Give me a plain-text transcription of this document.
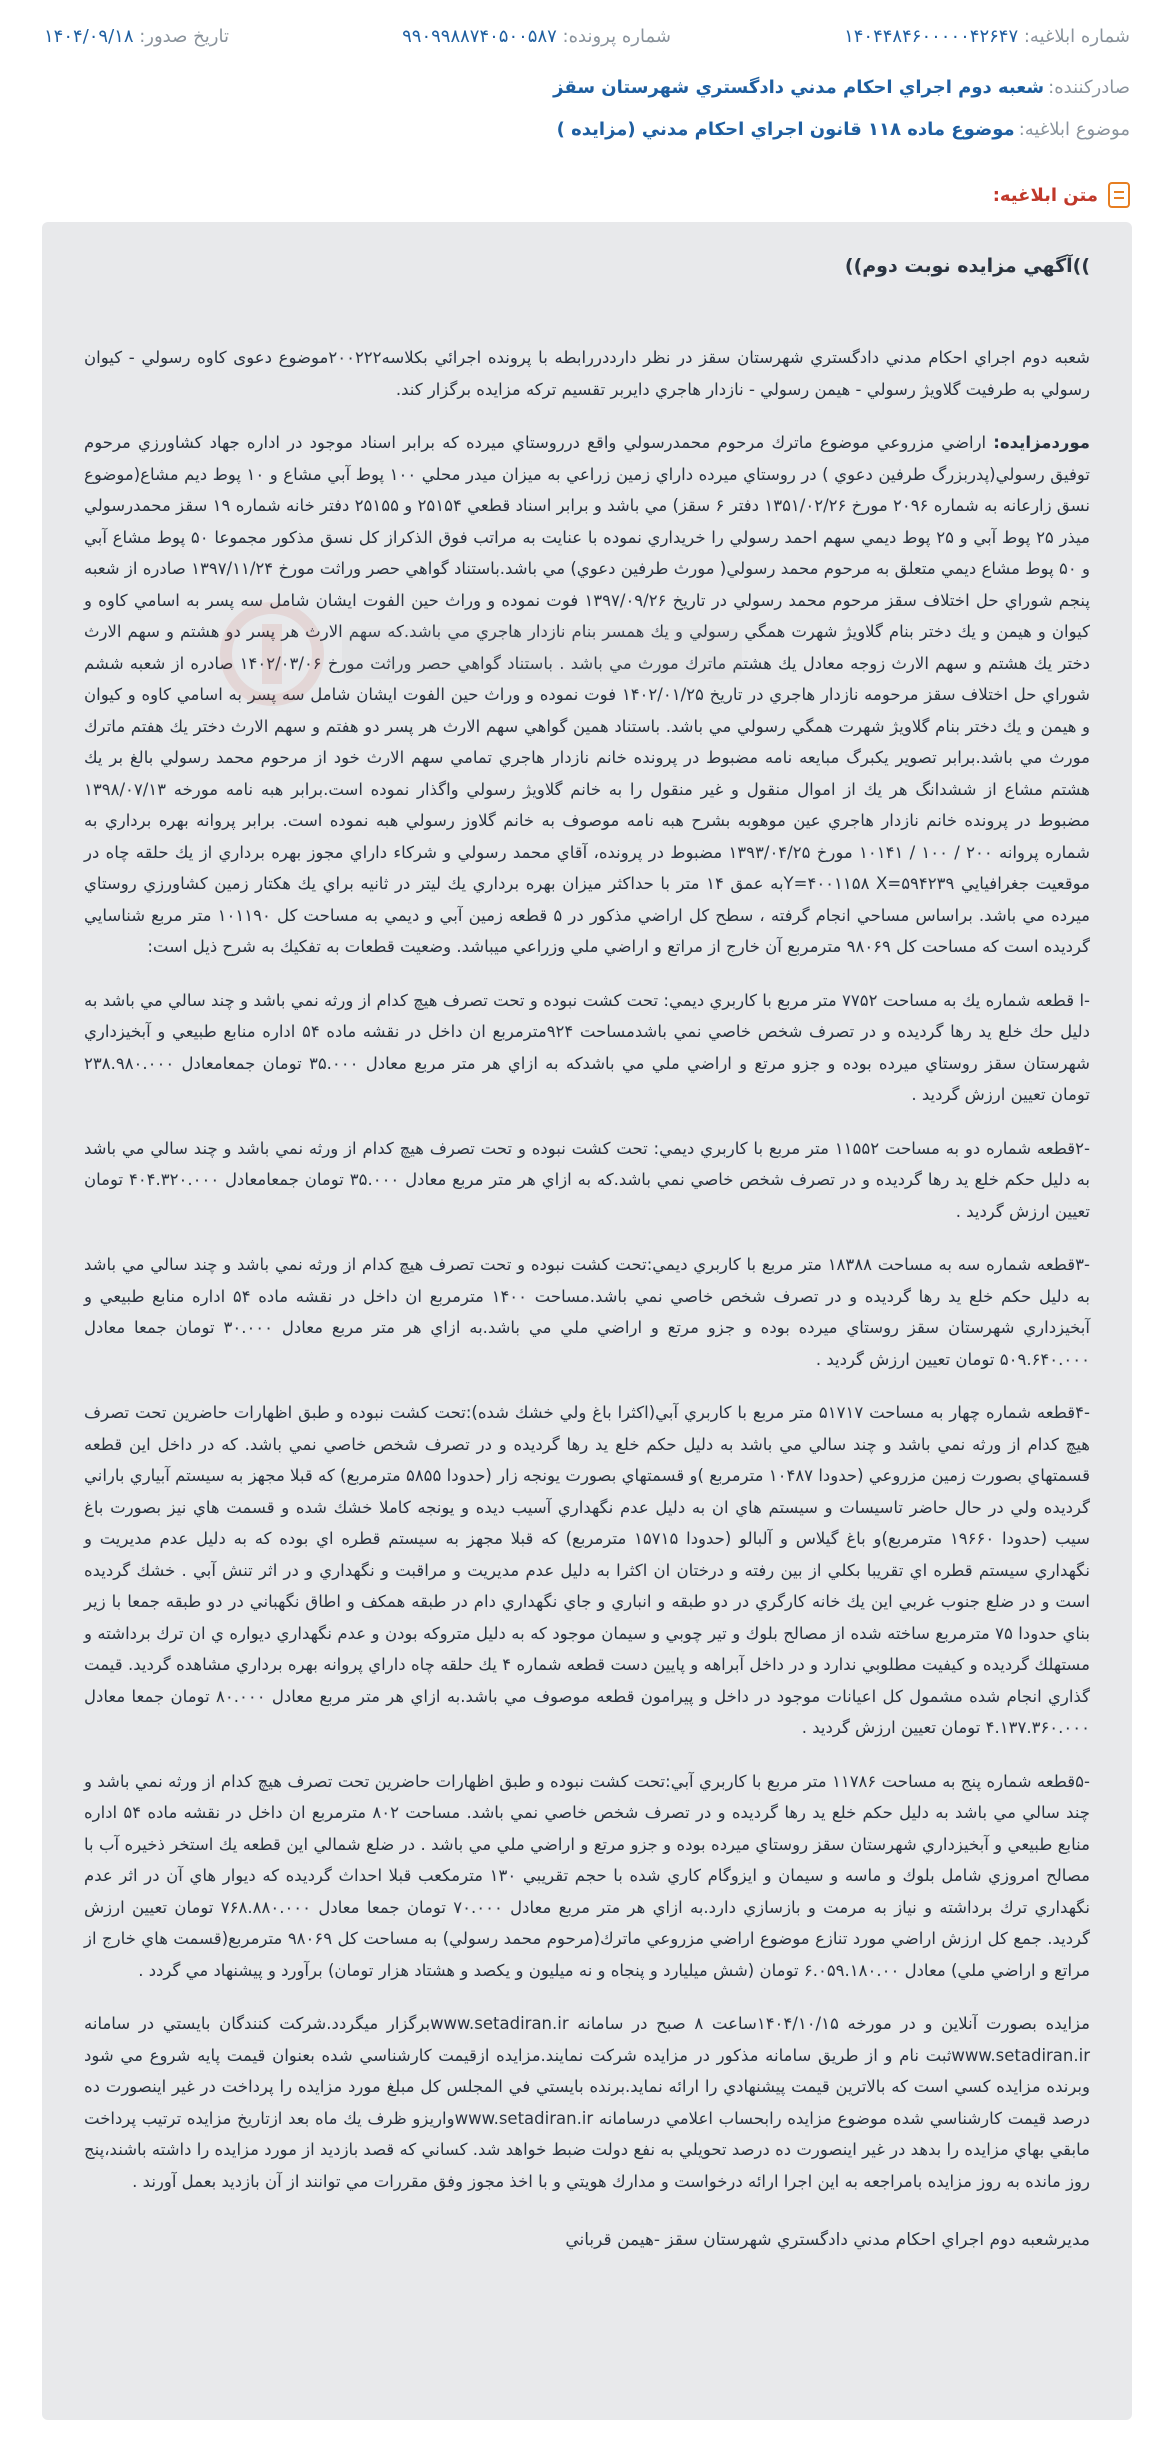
شماره ابلاغیه: ۱۴۰۴۴۸۴۶۰۰۰۰۰۴۲۶۴۷
شماره پرونده: ۹۹۰۹۹۸۸۷۴۰۵۰۰۵۸۷
تاریخ صدور: ۱۴۰۴/۰۹/۱۸
صادرکننده:
شعبه دوم اجراي احكام مدني دادگستري شهرستان سقز
موضوع ابلاغیه:
موضوع ماده ۱۱۸ قانون اجراي احكام مدني (مزايده )
متن ابلاغیه:
))آگهي مزايده نوبت دوم))

شعبه دوم اجراي احكام مدني دادگستري شهرستان سقز در نظر دارددررابطه با پرونده اجرائي بكلاسه۲۰۰۲۲۲موضوع دعوی کاوه رسولي - كيوان رسولي به طرفيت گلاويژ رسولي - هيمن رسولي - نازدار هاجري دايربر تقسيم تركه مزايده برگزار كند.

موردمزايده: اراضي مزروعي موضوع ماترك مرحوم محمدرسولي واقع درروستاي ميرده كه برابر اسناد موجود در اداره جهاد كشاورزي مرحوم توفيق رسولي(پدربزرگ طرفين دعوي ) در روستاي ميرده داراي زمين زراعي به ميزان ميدر محلي ۱۰۰ پوط آبي مشاع و ۱۰ پوط ديم مشاع(موضوع نسق زارعانه به شماره ۲۰۹۶ مورخ ۱۳۵۱/۰۲/۲۶ دفتر ۶ سقز) مي باشد و برابر اسناد قطعي ۲۵۱۵۴ و ۲۵۱۵۵ دفتر خانه شماره ۱۹ سقز محمدرسولي ميذر ۲۵ پوط آبي و ۲۵ پوط ديمي سهم احمد رسولي را خريداري نموده با عنايت به مراتب فوق الذكراز كل نسق مذكور مجموعا ۵۰ پوط مشاع آبي و ۵۰ پوط مشاع ديمي متعلق به مرحوم محمد رسولي( مورث طرفين دعوي) مي باشد.باستناد گواهي حصر وراثت مورخ ۱۳۹۷/۱۱/۲۴ صادره از شعبه پنجم شوراي حل اختلاف سقز مرحوم محمد رسولي در تاريخ ۱۳۹۷/۰۹/۲۶ فوت نموده و وراث حين الفوت ايشان شامل سه پسر به اسامي كاوه و كيوان و هيمن و يك دختر بنام گلاويژ شهرت همگي رسولي و يك همسر بنام نازدار هاجري مي باشد.كه سهم الارث هر پسر دو هشتم و سهم الارث دختر يك هشتم و سهم الارث زوجه معادل يك هشتم ماترك مورث مي باشد . باستناد گواهي حصر وراثت مورخ ۱۴۰۲/۰۳/۰۶ صادره از شعبه ششم شوراي حل اختلاف سقز مرحومه نازدار هاجري در تاريخ ۱۴۰۲/۰۱/۲۵ فوت نموده و وراث حين الفوت ايشان شامل سه پسر به اسامي كاوه و كيوان و هيمن و يك دختر بنام گلاويژ شهرت همگي رسولي مي باشد. باستناد همين گواهي سهم الارث هر پسر دو هفتم و سهم الارث دختر يك هفتم ماترك مورث مي باشد.برابر تصوير يكبرگ مبايعه نامه مضبوط در پرونده خانم نازدار هاجري تمامي سهم الارث خود از مرحوم محمد رسولي بالغ بر يك هشتم مشاع از ششدانگ هر يك از اموال منقول و غير منقول را به خانم گلاويژ رسولي واگذار نموده است.برابر هبه نامه مورخه ۱۳۹۸/۰۷/۱۳ مضبوط در پرونده خانم نازدار هاجري عين موهوبه بشرح هبه نامه موصوف به خانم گلاوز رسولي هبه نموده است. برابر پروانه بهره برداري به شماره پروانه ۲۰۰ / ۱۰۰ / ۱۰۱۴۱ مورخ ۱۳۹۳/۰۴/۲۵ مضبوط در پرونده، آقاي محمد رسولي و شركاء داراي مجوز بهره برداري از يك حلقه چاه در موقعيت جغرافيايي Y=۴۰۰۱۱۵۸ X=۵۹۴۲۳۹به عمق ۱۴ متر با حداكثر ميزان بهره برداري يك ليتر در ثانيه براي يك هكتار زمين كشاورزي روستاي ميرده مي باشد. براساس مساحي انجام گرفته ، سطح كل اراضي مذكور در ۵ قطعه زمين آبي و ديمي به مساحت كل ۱۰۱۱۹۰ متر مربع شناسايي گرديده است كه مساحت كل ۹۸۰۶۹ مترمربع آن خارج از مراتع و اراضي ملي وزراعي ميباشد. وضعيت قطعات به تفكيك به شرح ذيل است:

-ا قطعه شماره يك به مساحت ۷۷۵۲ متر مربع با كاربري ديمي: تحت كشت نبوده و تحت تصرف هيچ كدام از ورثه نمي باشد و چند سالي مي باشد به دليل حك خلع يد رها گرديده و در تصرف شخص خاصي نمي باشدمساحت ۹۲۴مترمربع ان داخل در نقشه ماده ۵۴ اداره منابع طبيعي و آبخيزداري شهرستان سقز روستاي ميرده بوده و جزو مرتع و اراضي ملي مي باشدكه به ازاي هر متر مربع معادل ۳۵.۰۰۰ تومان جمعامعادل ۲۳۸.۹۸۰.۰۰۰ تومان تعيين ارزش گرديد .

-۲قطعه شماره دو به مساحت ۱۱۵۵۲ متر مربع با كاربري ديمي: تحت كشت نبوده و تحت تصرف هيچ كدام از ورثه نمي باشد و چند سالي مي باشد به دليل حكم خلع يد رها گرديده و در تصرف شخص خاصي نمي باشد.كه به ازاي هر متر مربع معادل ۳۵.۰۰۰ تومان جمعامعادل ۴۰۴.۳۲۰.۰۰۰ تومان تعيين ارزش گرديد .

-۳قطعه شماره سه به مساحت ۱۸۳۸۸ متر مربع با كاربري ديمي:تحت كشت نبوده و تحت تصرف هيچ كدام از ورثه نمي باشد و چند سالي مي باشد به دليل حكم خلع يد رها گرديده و در تصرف شخص خاصي نمي باشد.مساحت ۱۴۰۰ مترمربع ان داخل در نقشه ماده ۵۴ اداره منابع طبيعي و آبخيزداري شهرستان سقز روستاي ميرده بوده و جزو مرتع و اراضي ملي مي باشد.به ازاي هر متر مربع معادل ۳۰.۰۰۰ تومان جمعا معادل ۵۰۹.۶۴۰.۰۰۰ تومان تعيين ارزش گرديد .

-۴قطعه شماره چهار به مساحت ۵۱۷۱۷ متر مربع با كاربري آبي(اكثرا باغ ولي خشك شده):تحت كشت نبوده و طبق اظهارات حاضرين تحت تصرف هيچ كدام از ورثه نمي باشد و چند سالي مي باشد به دليل حكم خلع يد رها گرديده و در تصرف شخص خاصي نمي باشد. كه در داخل اين قطعه قسمتهاي بصورت زمين مزروعي (حدودا ۱۰۴۸۷ مترمربع )و قسمتهاي بصورت يونجه زار (حدودا ۵۸۵۵ مترمربع) كه قبلا مجهز به سيستم آبياري باراني گرديده ولي در حال حاضر تاسيسات و سيستم هاي ان به دليل عدم نگهداري آسيب ديده و يونجه كاملا خشك شده و قسمت هاي نيز بصورت باغ سيب (حدودا ۱۹۶۶۰ مترمربع)و باغ گيلاس و آلبالو (حدودا ۱۵۷۱۵ مترمربع) كه قبلا مجهز به سيستم قطره اي بوده كه به دليل عدم مديريت و نگهداري سيستم قطره اي تقريبا بكلي از بين رفته و درختان ان اكثرا به دليل عدم مديريت و مراقبت و نگهداري و در اثر تنش آبي . خشك گرديده است و در ضلع جنوب غربي اين يك خانه كارگري در دو طبقه و انباري و جاي نگهداري دام در طبقه همكف و اطاق نگهباني در دو طبقه جمعا با زير بناي حدودا ۷۵ مترمربع ساخته شده از مصالح بلوك و تير چوبي و سيمان موجود كه به دليل متروكه بودن و عدم نگهداري ديواره ي ان ترك برداشته و مستهلك گرديده و كيفيت مطلوبي ندارد و در داخل آبراهه و پايين دست قطعه شماره ۴ يك حلقه چاه داراي پروانه بهره برداري مشاهده گرديد. قيمت گذاري انجام شده مشمول كل اعيانات موجود در داخل و پيرامون قطعه موصوف مي باشد.به ازاي هر متر مربع معادل ۸۰.۰۰۰ تومان جمعا معادل ۴.۱۳۷.۳۶۰.۰۰۰ تومان تعيين ارزش گرديد .

-۵قطعه شماره پنج به مساحت ۱۱۷۸۶ متر مربع با كاربري آبي:تحت كشت نبوده و طبق اظهارات حاضرين تحت تصرف هيچ كدام از ورثه نمي باشد و چند سالي مي باشد به دليل حكم خلع يد رها گرديده و در تصرف شخص خاصي نمي باشد. مساحت ۸۰۲ مترمربع ان داخل در نقشه ماده ۵۴ اداره منابع طبيعي و آبخيزداري شهرستان سقز روستاي ميرده بوده و جزو مرتع و اراضي ملي مي باشد . در ضلع شمالي اين قطعه يك استخر ذخيره آب با مصالح امروزي شامل بلوك و ماسه و سيمان و ايزوگام كاري شده با حجم تقريبي ۱۳۰ مترمكعب قبلا احداث گرديده كه ديوار هاي آن در اثر عدم نگهداري ترك برداشته و نياز به مرمت و بازسازي دارد.به ازاي هر متر مربع معادل ۷۰.۰۰۰ تومان جمعا معادل ۷۶۸.۸۸۰.۰۰۰ تومان تعيين ارزش گرديد. جمع كل ارزش اراضي مورد تنازع موضوع اراضي مزروعي ماترك(مرحوم محمد رسولي) به مساحت كل ۹۸۰۶۹ مترمربع(قسمت هاي خارج از مراتع و اراضي ملي) معادل ۶.۰۵۹.۱۸۰.۰۰ تومان (شش ميليارد و پنجاه و نه ميليون و يكصد و هشتاد هزار تومان) برآورد و پيشنهاد مي گردد .

مزايده بصورت آنلاين و در مورخه ۱۴۰۴/۱۰/۱۵ساعت ۸ صبح در سامانه www.setadiran.irبرگزار ميگردد.شركت كنندگان بايستي در سامانه www.setadiran.irثبت نام و از طريق سامانه مذكور در مزايده شركت نمايند.مزايده ازقيمت كارشناسي شده بعنوان قيمت پايه شروع مي شود وبرنده مزايده كسي است كه بالاترين قيمت پيشنهادي را ارائه نمايد.برنده بايستي في المجلس كل مبلغ مورد مزايده را پرداخت در غير اينصورت ده درصد قيمت كارشناسي شده موضوع مزايده رابحساب اعلامي درسامانه www.setadiran.irواريزو ظرف يك ماه بعد ازتاريخ مزايده ترتيب پرداخت مابقي بهاي مزايده را بدهد در غير اينصورت ده درصد تحويلي به نفع دولت ضبط خواهد شد. كساني كه قصد بازديد از مورد مزايده را داشته باشند،پنج روز مانده به روز مزايده بامراجعه به اين اجرا ارائه درخواست و مدارك هويتي و با اخذ مجوز وفق مقررات مي توانند از آن بازديد بعمل آورند .

مديرشعبه دوم اجراي احكام مدني دادگستري شهرستان سقز -هيمن قرباني
